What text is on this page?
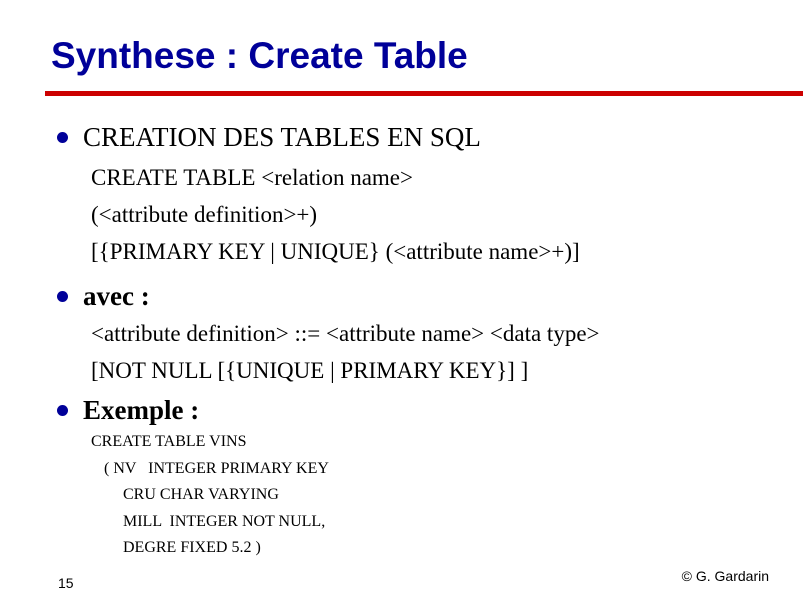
Synthese : Create Table
CREATION DES TABLES EN SQL
CREATE TABLE <relation name>
(<attribute definition>+)
[{PRIMARY KEY | UNIQUE} (<attribute name>+)]
avec :
<attribute definition> ::= <attribute name> <data type>
[NOT NULL [{UNIQUE | PRIMARY KEY}] ]
Exemple :
CREATE TABLE VINS
( NV   INTEGER PRIMARY KEY
CRU CHAR VARYING
MILL  INTEGER NOT NULL,
DEGRE FIXED 5.2 )
15	© G. Gardarin
